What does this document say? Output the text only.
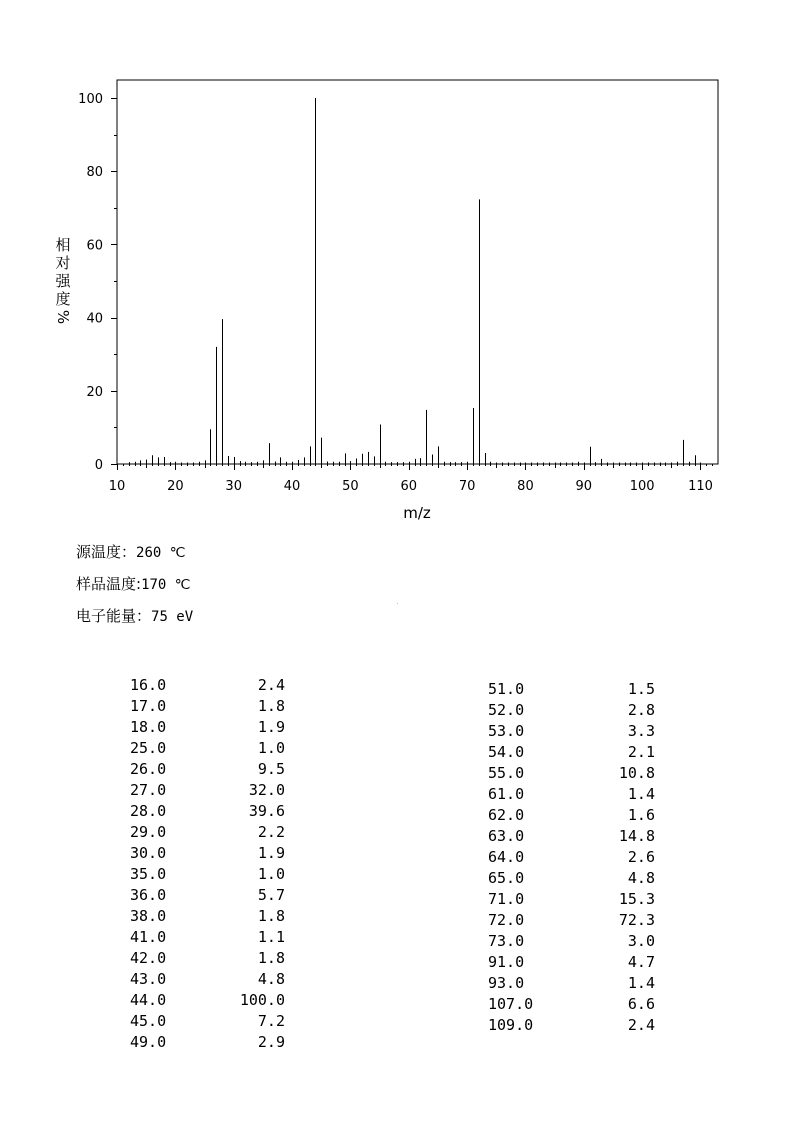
10	20	30	40	50	60	70	80	90	100	110
0
20
40
60
80
100
m/z
相对强度
%
源温度：260 ℃
样品温度:170 ℃
电子能量：75 eV
16.0	2.4
17.0	1.8
18.0	1.9
25.0	1.0
26.0	9.5
27.0	32.0
28.0	39.6
29.0	2.2
30.0	1.9
35.0	1.0
36.0	5.7
38.0	1.8
41.0	1.1
42.0	1.8
43.0	4.8
44.0	100.0
45.0	7.2
49.0	2.9
51.0	1.5
52.0	2.8
53.0	3.3
54.0	2.1
55.0	10.8
61.0	1.4
62.0	1.6
63.0	14.8
64.0	2.6
65.0	4.8
71.0	15.3
72.0	72.3
73.0	3.0
91.0	4.7
93.0	1.4
107.0	6.6
109.0	2.4
